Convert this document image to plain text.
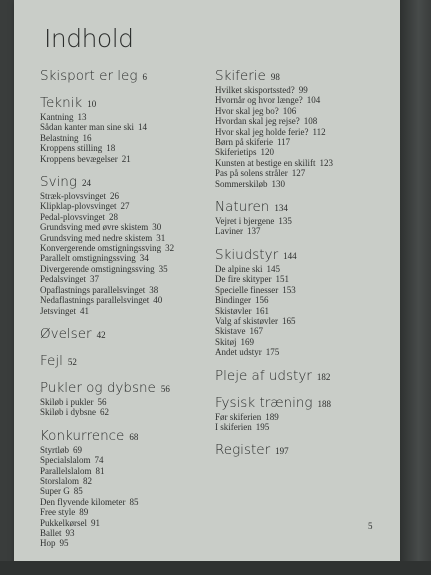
Indhold
Skisport er leg 6
Teknik 10
Kantning 13
Sådan kanter man sine ski 14
Belastning 16
Kroppens stilling 18
Kroppens bevægelser 21
Sving 24
Stræk-plovsvinget 26
Klipklap-plovsvinget 27
Pedal-plovsvinget 28
Grundsving med øvre skistem 30
Grundsving med nedre skistem 31
Konvergerende omstigningssving 32
Parallelt omstigningssving 34
Divergerende omstigningssving 35
Pedalsvinget 37
Opaflastnings parallelsvinget 38
Nedaflastnings parallelsvinget 40
Jetsvinget 41
Øvelser 42
Fejl 52
Pukler og dybsne 56
Skiløb i pukler 56
Skiløb i dybsne 62
Konkurrence 68
Styrtløb 69
Specialslalom 74
Parallelslalom 81
Storslalom 82
Super G 85
Den flyvende kilometer 85
Free style 89
Pukkelkørsel 91
Ballet 93
Hop 95
Skiferie 98
Hvilket skisportssted? 99
Hvornår og hvor længe? 104
Hvor skal jeg bo? 106
Hvordan skal jeg rejse? 108
Hvor skal jeg holde ferie? 112
Børn på skiferie 117
Skiferietips 120
Kunsten at bestige en skilift 123
Pas på solens stråler 127
Sommerskiløb 130
Naturen 134
Vejret i bjergene 135
Laviner 137
Skiudstyr 144
De alpine ski 145
De fire skityper 151
Specielle finesser 153
Bindinger 156
Skistøvler 161
Valg af skistøvler 165
Skistave 167
Skitøj 169
Andet udstyr 175
Pleje af udstyr 182
Fysisk træning 188
Før skiferien 189
I skiferien 195
Register 197
5
